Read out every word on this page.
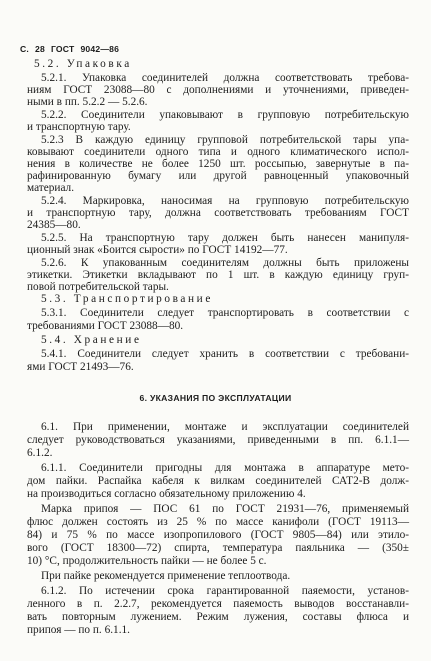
С. 28 ГОСТ 9042—86
5.2. Упаковка
5.2.1. Упаковка соединителей должна соответствовать требова-
ниям ГОСТ 23088—80 с дополнениями и уточнениями, приведен-
ными в пп. 5.2.2 — 5.2.6.
5.2.2. Соединители упаковывают в групповую потребительскую
и транспортную тару.
5.2.3 В каждую единицу групповой потребительской тары упа-
ковывают соединители одного типа и одного климатического испол-
нения в количестве не более 1250 шт. россыпью, завернутые в па-
рафинированную бумагу или другой равноценный упаковочный
материал.
5.2.4. Маркировка, наносимая на групповую потребительскую
и транспортную тару, должна соответствовать требованиям ГОСТ
24385—80.
5.2.5. На транспортную тару должен быть нанесен манипуля-
ционный знак «Боится сырости» по ГОСТ 14192—77.
5.2.6. К упакованным соединителям должны быть приложены
этикетки. Этикетки вкладывают по 1 шт. в каждую единицу груп-
повой потребительской тары.
5.3. Транспортирование
5.3.1. Соединители следует транспортировать в соответствии с
требованиями ГОСТ 23088—80.
5.4. Хранение
5.4.1. Соединители следует хранить в соответствии с требовани-
ями ГОСТ 21493—76.
6. УКАЗАНИЯ ПО ЭКСПЛУАТАЦИИ
6.1. При применении, монтаже и эксплуатации соединителей
следует руководствоваться указаниями, приведенными в пп. 6.1.1—
6.1.2.
6.1.1. Соединители пригодны для монтажа в аппаратуре мето-
дом пайки. Распайка кабеля к вилкам соединителей САТ2-В долж-
на производиться согласно обязательному приложению 4.
Марка припоя — ПОС 61 по ГОСТ 21931—76, применяемый
флюс должен состоять из 25 % по массе канифоли (ГОСТ 19113—
84) и 75 % по массе изопропилового (ГОСТ 9805—84) или этило-
вого (ГОСТ 18300—72) спирта, температура паяльника — (350±
10) °C, продолжительность пайки — не более 5 с.
При пайке рекомендуется применение теплоотвода.
6.1.2. По истечении срока гарантированной паяемости, установ-
ленного в п. 2.2.7, рекомендуется паяемость выводов восстанавли-
вать повторным лужением. Режим лужения, составы флюса и
припоя — по п. 6.1.1.
